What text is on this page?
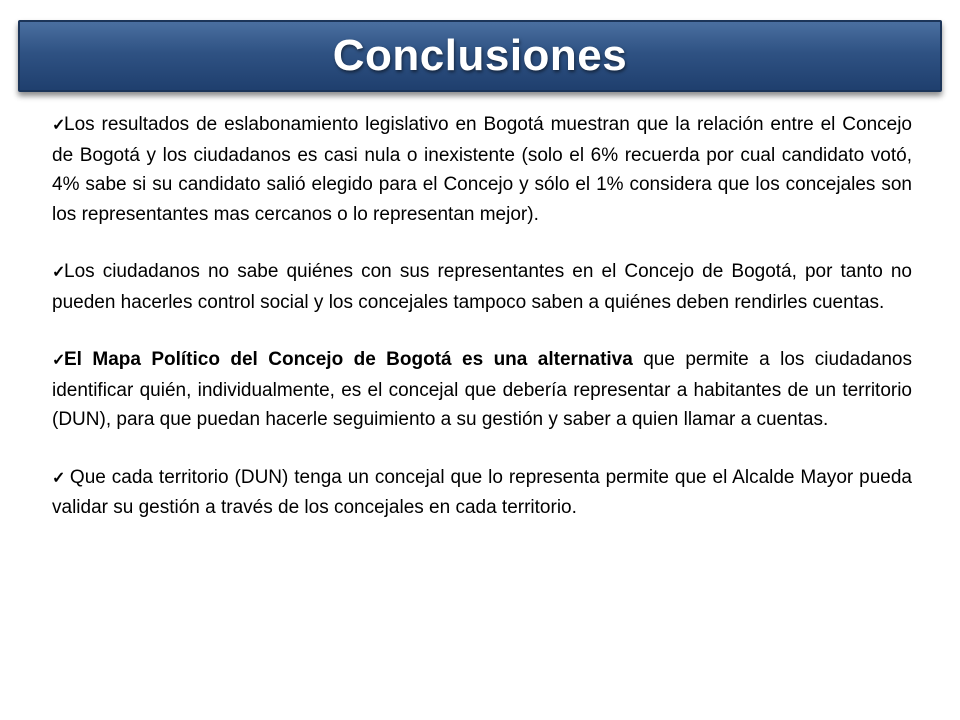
Conclusiones

✓Los resultados de eslabonamiento legislativo en Bogotá muestran que la relación entre el Concejo de Bogotá y los ciudadanos es casi nula o inexistente (solo el 6% recuerda por cual candidato votó, 4% sabe si su candidato salió elegido para el Concejo y sólo el 1% considera que los concejales son los representantes mas cercanos o lo representan mejor).

✓Los ciudadanos no sabe quiénes con sus representantes en el Concejo de Bogotá, por tanto no pueden hacerles control social y los concejales tampoco saben a quiénes deben rendirles cuentas.

✓El Mapa Político del Concejo de Bogotá es una alternativa que permite a los ciudadanos identificar quién, individualmente, es el concejal que debería representar a habitantes de un territorio (DUN), para que puedan hacerle seguimiento a su gestión y saber a quien llamar a cuentas.

✓ Que cada territorio (DUN) tenga un concejal que lo representa permite que el Alcalde Mayor pueda validar su gestión a través de los concejales en cada territorio.
